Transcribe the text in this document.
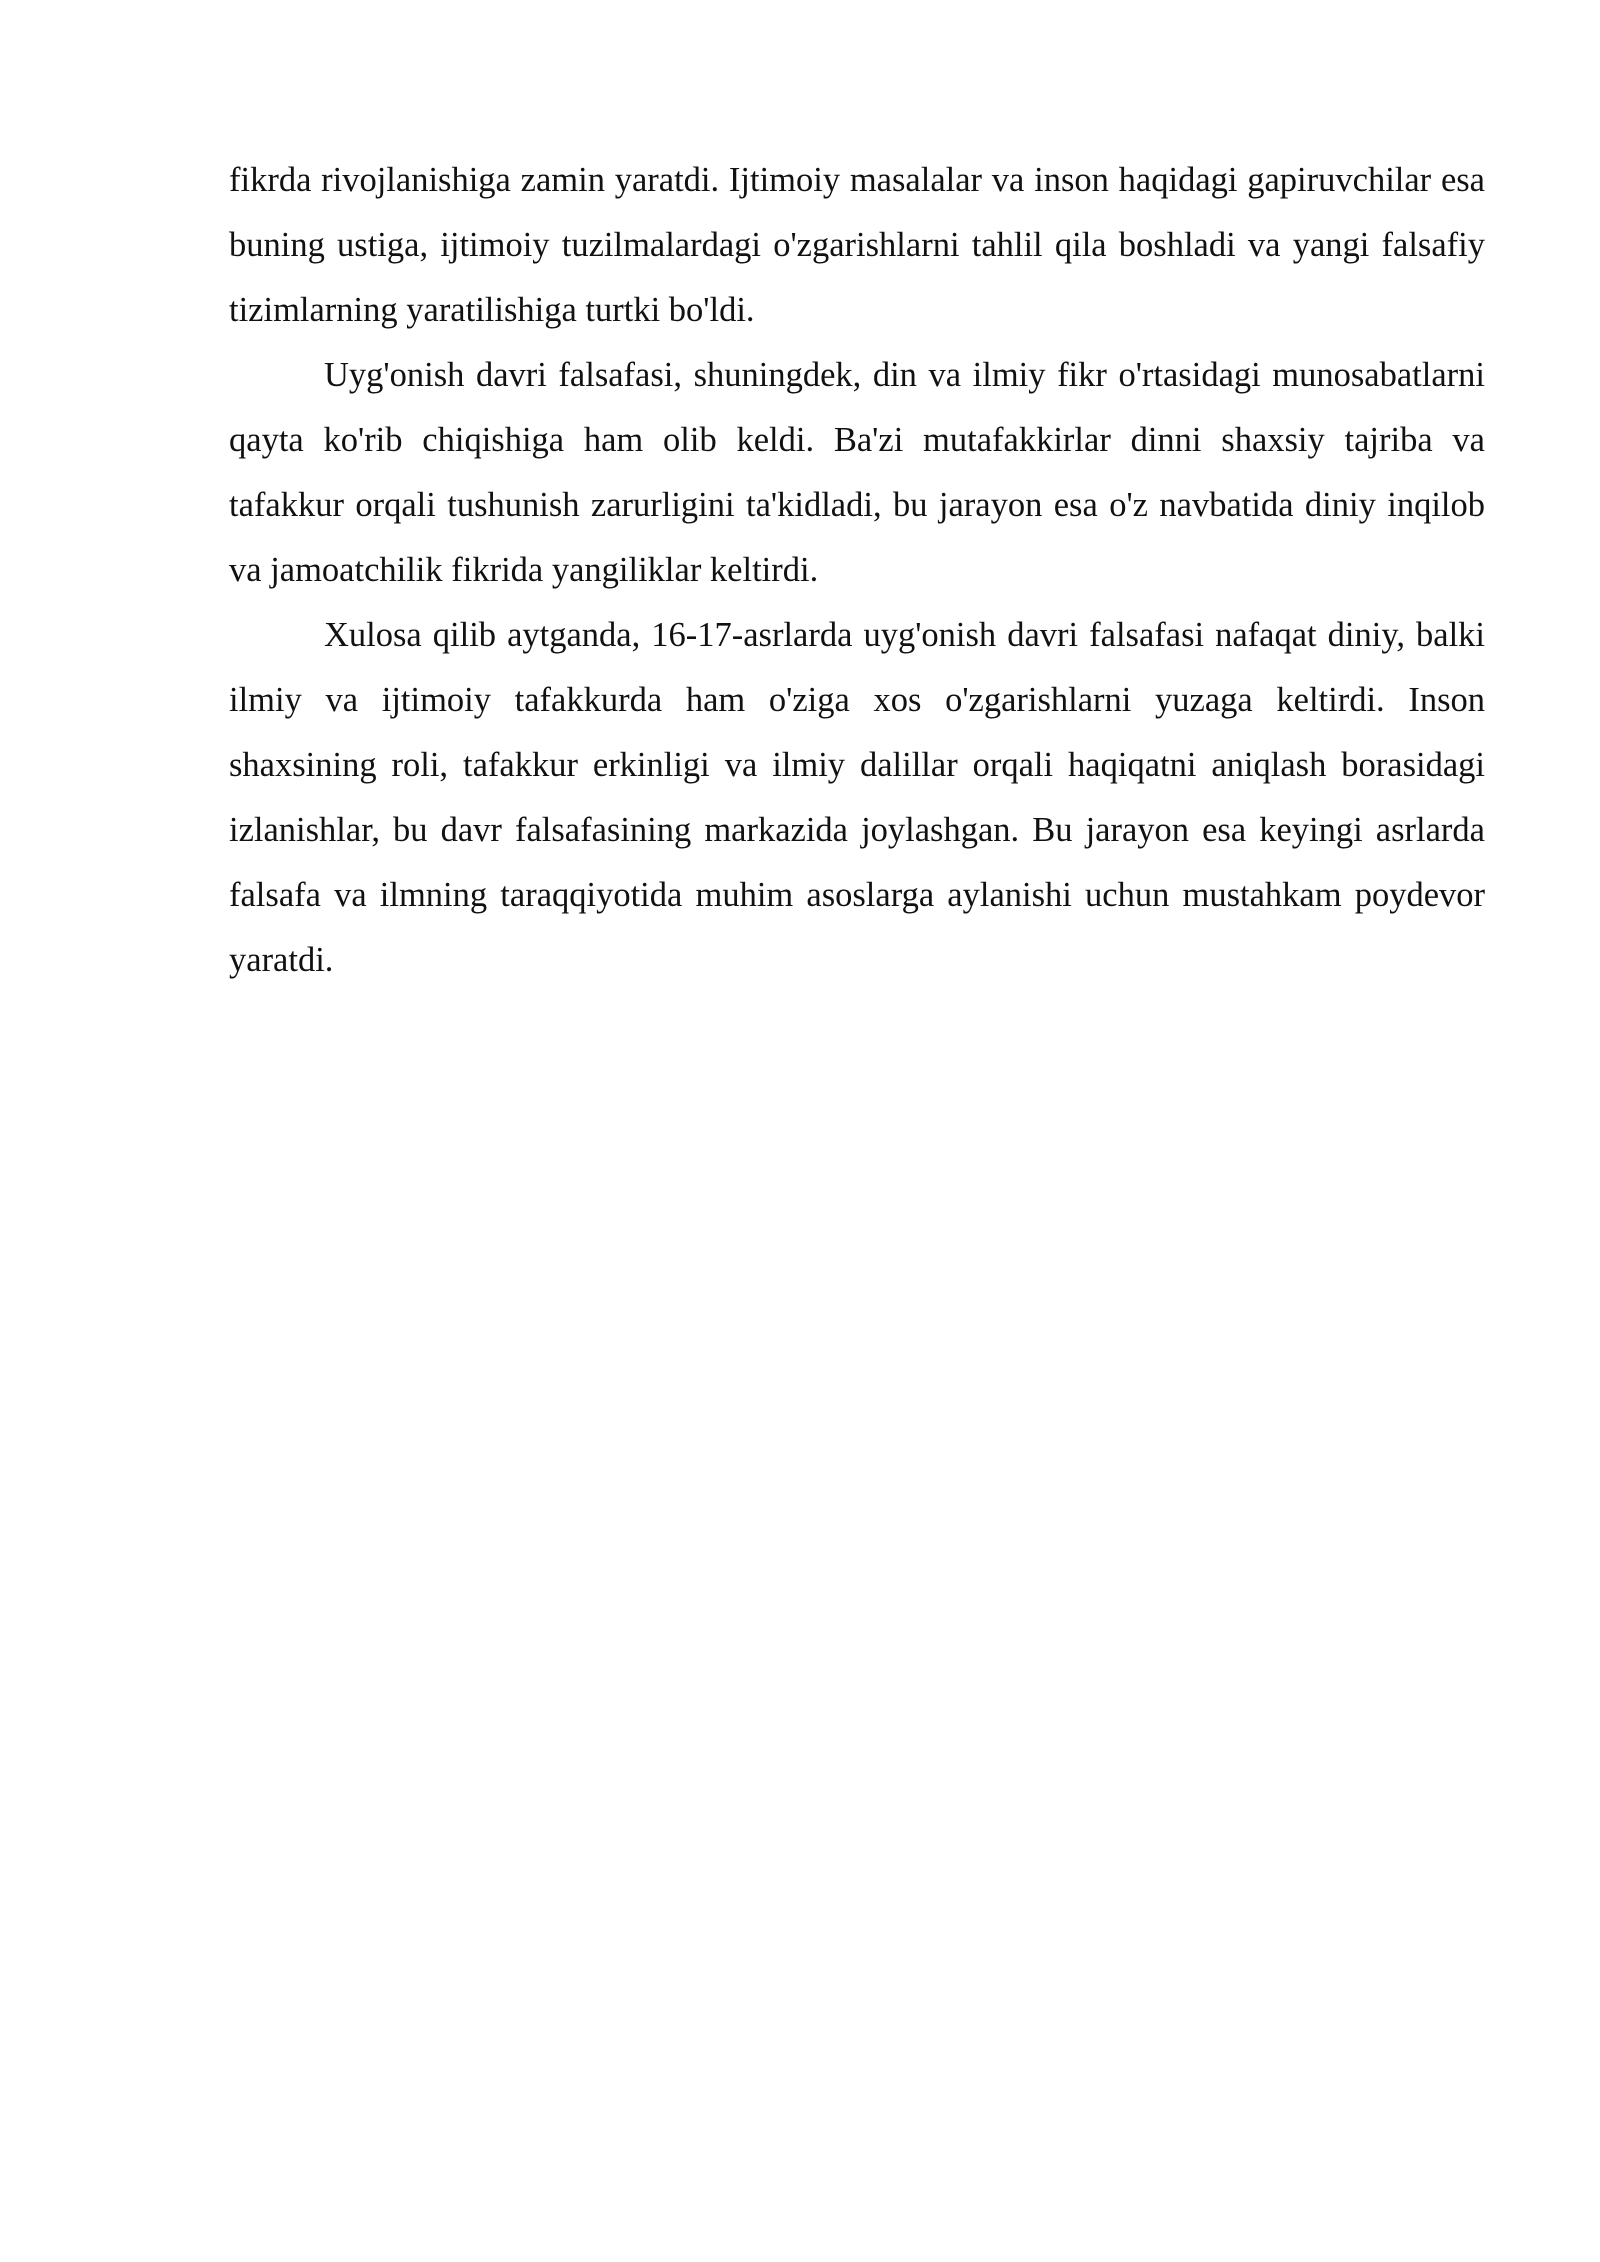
fikrda rivojlanishiga zamin yaratdi. Ijtimoiy masalalar va inson haqidagi gapiruvchilar esa buning ustiga, ijtimoiy tuzilmalardagi o'zgarishlarni tahlil qila boshladi va yangi falsafiy tizimlarning yaratilishiga turtki bo'ldi.

Uyg'onish davri falsafasi, shuningdek, din va ilmiy fikr o'rtasidagi munosabatlarni qayta ko'rib chiqishiga ham olib keldi. Ba'zi mutafakkirlar dinni shaxsiy tajriba va tafakkur orqali tushunish zarurligini ta'kidladi, bu jarayon esa o'z navbatida diniy inqilob va jamoatchilik fikrida yangiliklar keltirdi.

Xulosa qilib aytganda, 16-17-asrlarda uyg'onish davri falsafasi nafaqat diniy, balki ilmiy va ijtimoiy tafakkurda ham o'ziga xos o'zgarishlarni yuzaga keltirdi. Inson shaxsining roli, tafakkur erkinligi va ilmiy dalillar orqali haqiqatni aniqlash borasidagi izlanishlar, bu davr falsafasining markazida joylashgan. Bu jarayon esa keyingi asrlarda falsafa va ilmning taraqqiyotida muhim asoslarga aylanishi uchun mustahkam poydevor yaratdi.
